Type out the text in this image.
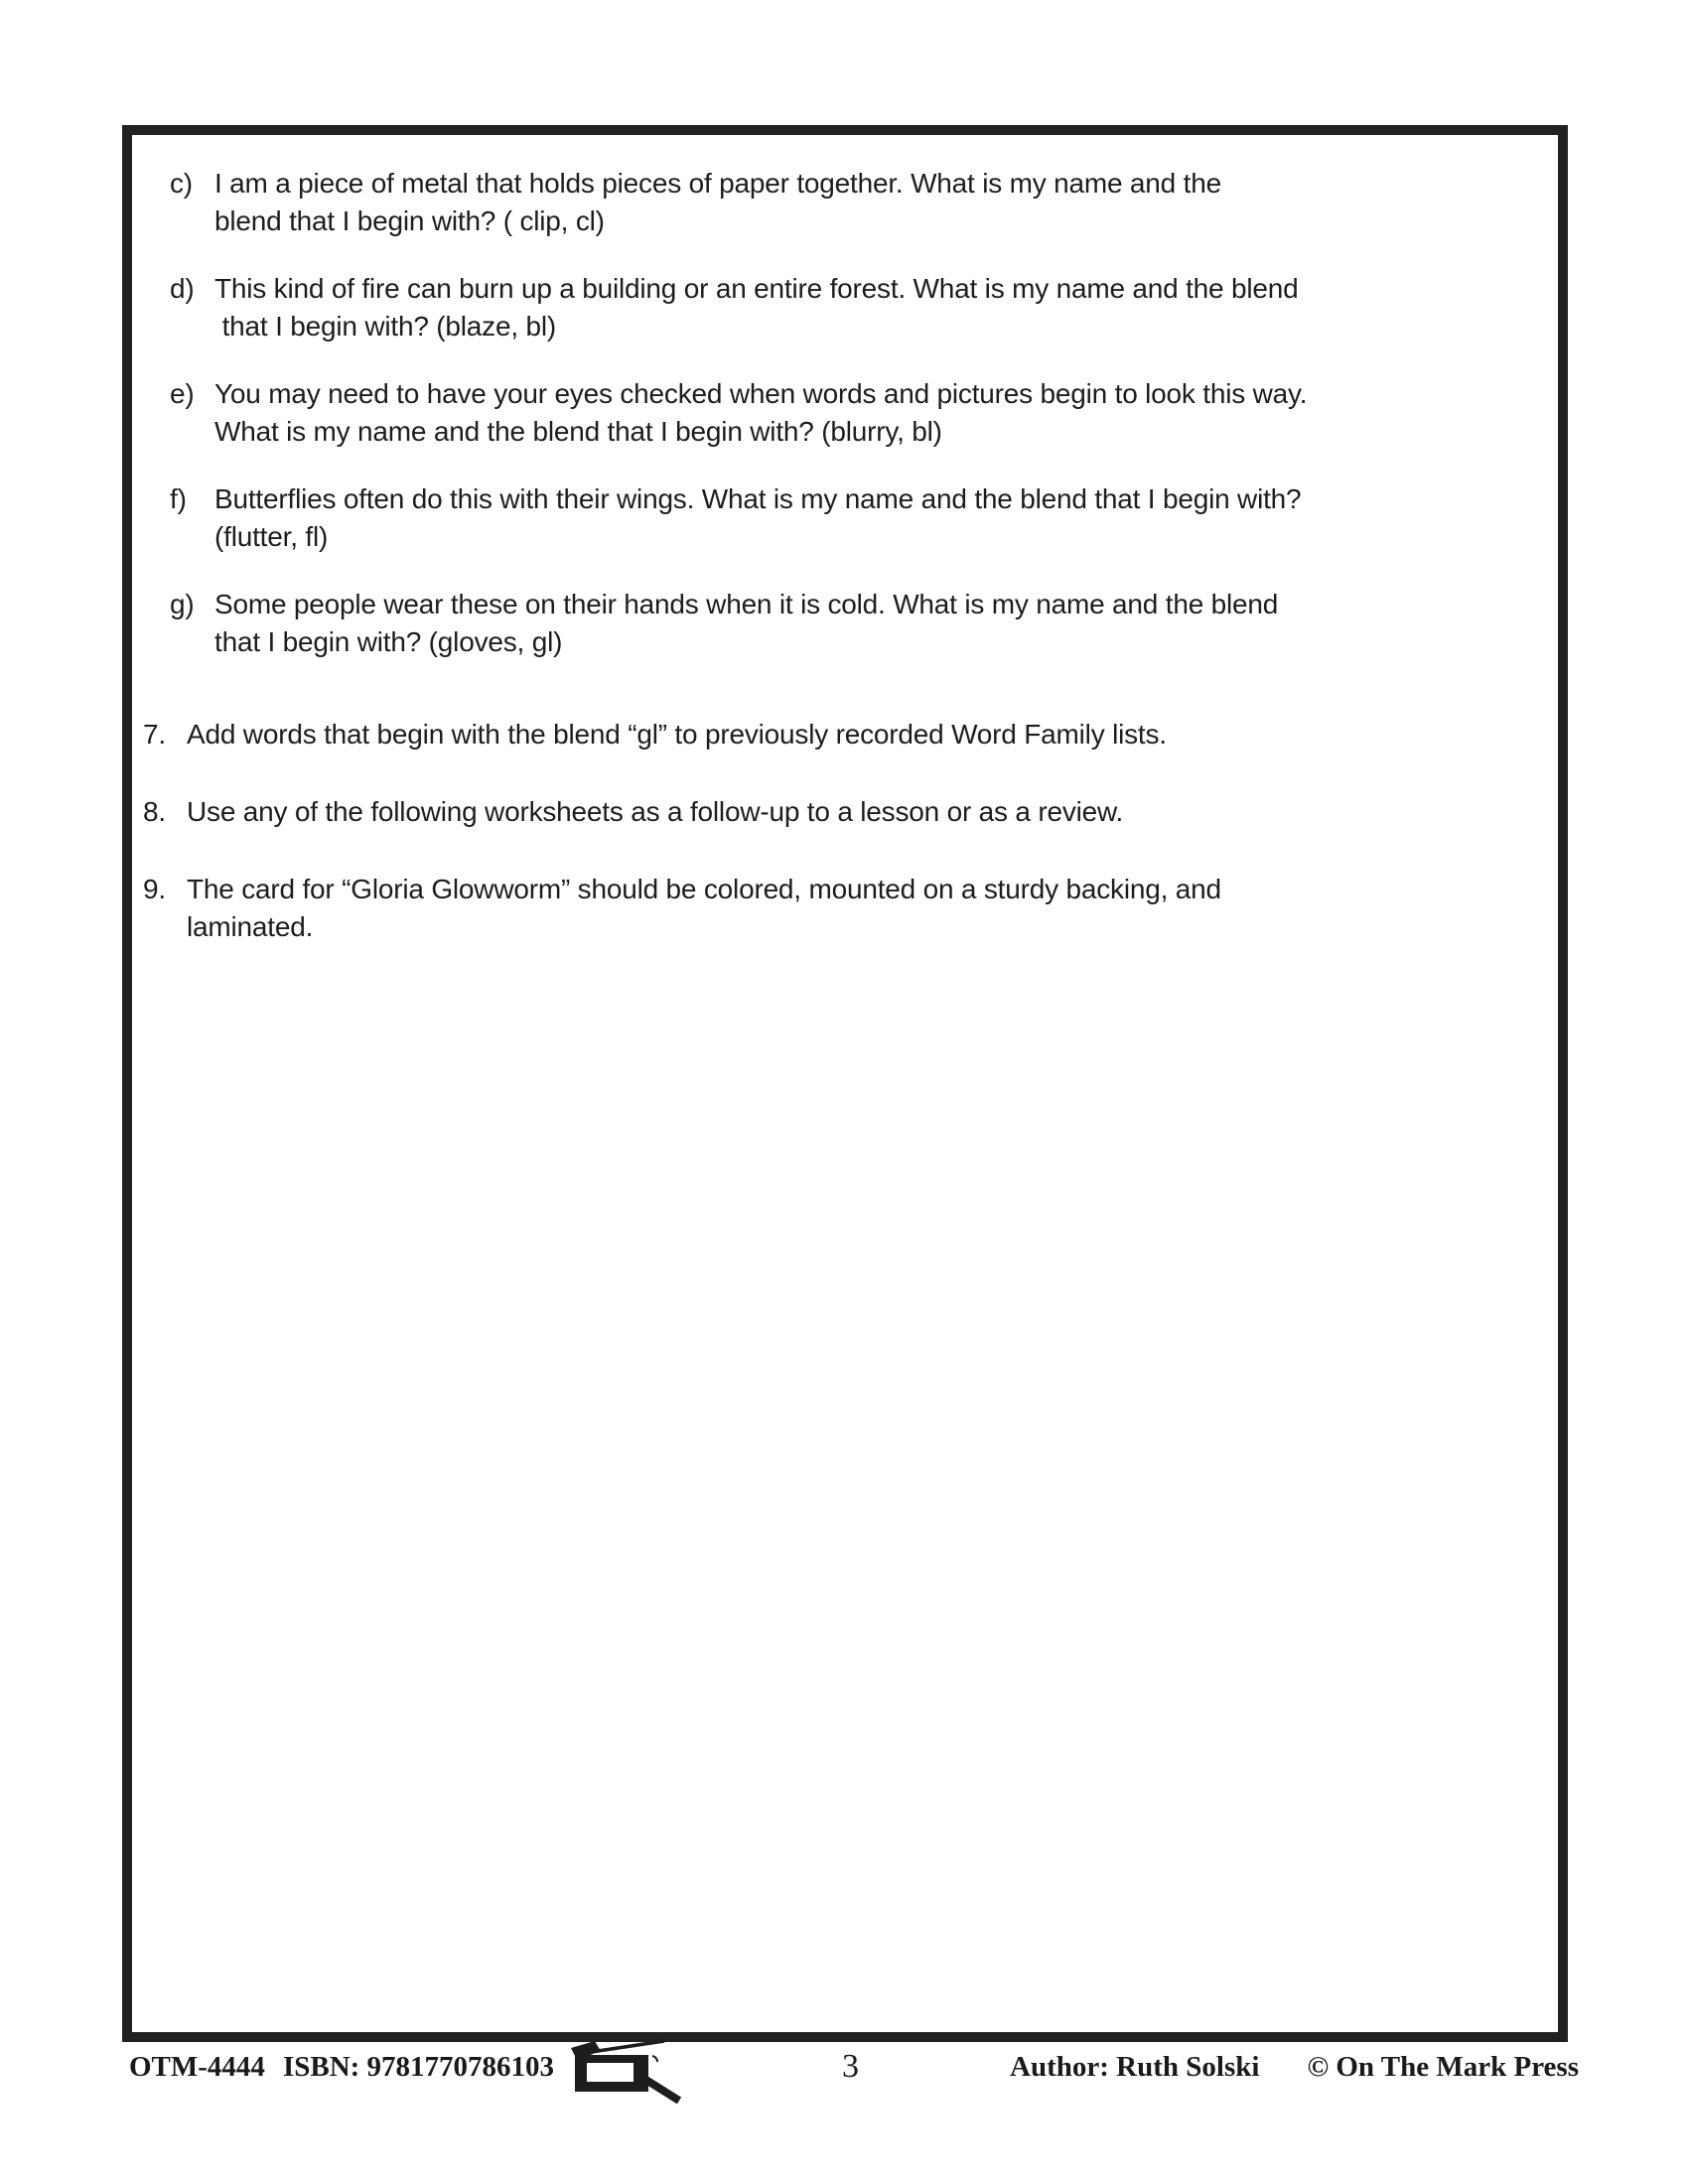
c) I am a piece of metal that holds pieces of paper together. What is my name and the
blend that I begin with? ( clip, cl)
d) This kind of fire can burn up a building or an entire forest. What is my name and the blend
that I begin with? (blaze, bl)
e) You may need to have your eyes checked when words and pictures begin to look this way.
What is my name and the blend that I begin with? (blurry, bl)
f)	Butterflies often do this with their wings. What is my name and the blend that I begin with?
(flutter, fl)
g) Some people wear these on their hands when it is cold. What is my name and the blend
that I begin with? (gloves, gl)
7. Add words that begin with the blend “gl” to previously recorded Word Family lists.
8. Use any of the following worksheets as a follow-up to a lesson or as a review.
9. The card for “Gloria Glowworm” should be colored, mounted on a sturdy backing, and
laminated.
OTM-4444 ISBN: 9781770786103	3	Author: Ruth Solski © On The Mark Press
